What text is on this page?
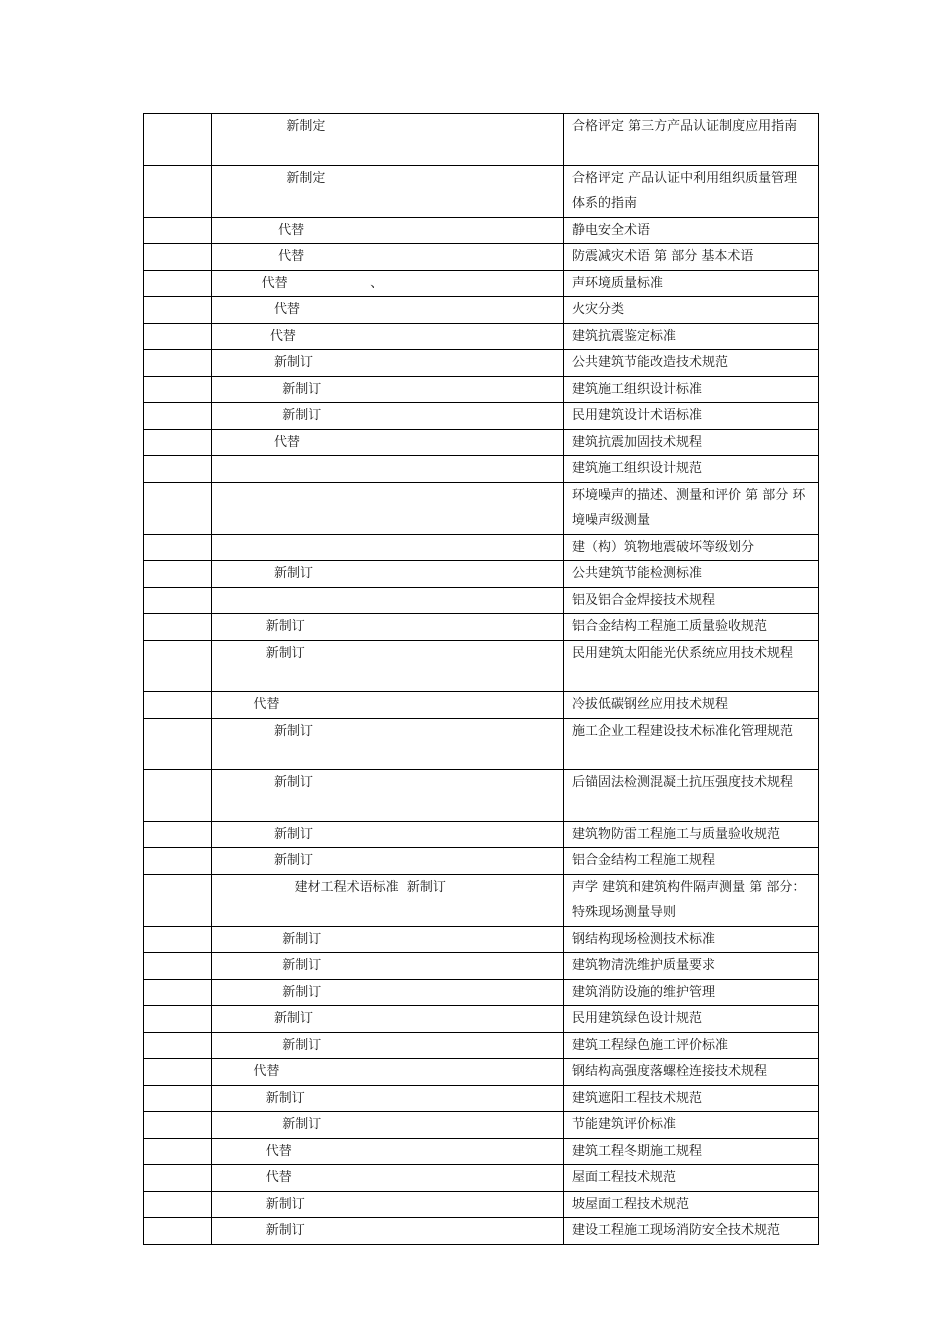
	新制定	合格评定 第三方产品认证制度应用指南
	新制定	合格评定 产品认证中利用组织质量管理体系的指南
	代替	静电安全术语
	代替	防震减灾术语 第 部分 基本术语
	代替                    、	声环境质量标准
	代替	火灾分类
	代替	建筑抗震鉴定标准
	新制订	公共建筑节能改造技术规范
	新制订	建筑施工组织设计标准
	新制订	民用建筑设计术语标准
	代替	建筑抗震加固技术规程
		建筑施工组织设计规范
		环境噪声的描述、测量和评价 第 部分 环境噪声级测量
		建（构）筑物地震破坏等级划分
	新制订	公共建筑节能检测标准
		铝及铝合金焊接技术规程
	新制订	铝合金结构工程施工质量验收规范
	新制订	民用建筑太阳能光伏系统应用技术规程
	代替	冷拔低碳钢丝应用技术规程
	新制订	施工企业工程建设技术标准化管理规范
	新制订	后锚固法检测混凝土抗压强度技术规程
	新制订	建筑物防雷工程施工与质量验收规范
	新制订	铝合金结构工程施工规程
	建材工程术语标准  新制订	声学 建筑和建筑构件隔声测量 第 部分：特殊现场测量导则
	新制订	钢结构现场检测技术标准
	新制订	建筑物清洗维护质量要求
	新制订	建筑消防设施的维护管理
	新制订	民用建筑绿色设计规范
	新制订	建筑工程绿色施工评价标准
	代替	钢结构高强度落螺栓连接技术规程
	新制订	建筑遮阳工程技术规范
	新制订	节能建筑评价标准
	代替	建筑工程冬期施工规程
	代替	屋面工程技术规范
	新制订	坡屋面工程技术规范
	新制订	建设工程施工现场消防安全技术规范
